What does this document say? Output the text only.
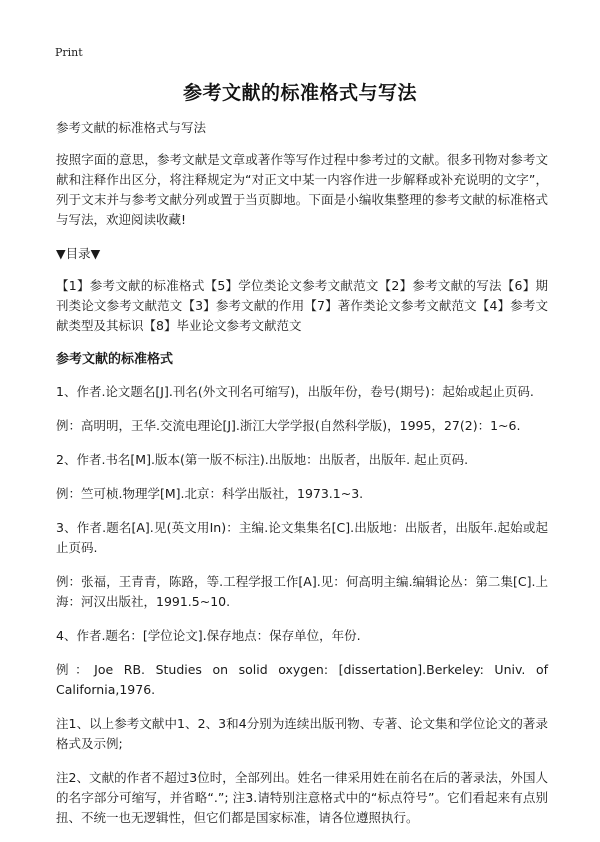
Print
参考文献的标准格式与写法

参考文献的标准格式与写法

按照字面的意思，参考文献是文章或著作等写作过程中参考过的文献。很多刊物对参考文献和注释作出区分，将注释规定为“对正文中某一内容作进一步解释或补充说明的文字”，列于文末并与参考文献分列或置于当页脚地。下面是小编收集整理的参考文献的标准格式与写法，欢迎阅读收藏!

▼目录▼

【1】参考文献的标准格式【5】学位类论文参考文献范文【2】参考文献的写法【6】期刊类论文参考文献范文【3】参考文献的作用【7】著作类论文参考文献范文【4】参考文献类型及其标识【8】毕业论文参考文献范文

参考文献的标准格式

1、作者.论文题名[J].刊名(外文刊名可缩写)，出版年份，卷号(期号)：起始或起止页码.

例：高明明，王华.交流电理论[J].浙江大学学报(自然科学版)，1995，27(2)：1~6.

2、作者.书名[M].版本(第一版不标注).出版地：出版者，出版年. 起止页码.

例：竺可桢.物理学[M].北京：科学出版社，1973.1~3.

3、作者.题名[A].见(英文用In)：主编.论文集集名[C].出版地：出版者，出版年.起始或起止页码.

例：张福，王青青，陈路，等.工程学报工作[A].见：何高明主编.编辑论丛：第二集[C].上海：河汉出版社，1991.5~10.

4、作者.题名：[学位论文].保存地点：保存单位，年份.

例：Joe RB. Studies on solid oxygen: [dissertation].Berkeley: Univ. of California,1976.

注1、以上参考文献中1、2、3和4分别为连续出版刊物、专著、论文集和学位论文的著录格式及示例;

注2、文献的作者不超过3位时，全部列出。姓名一律采用姓在前名在后的著录法，外国人的名字部分可缩写，并省略“.”; 注3.请特别注意格式中的“标点符号”。它们看起来有点别扭、不统一也无逻辑性，但它们都是国家标准，请各位遵照执行。
